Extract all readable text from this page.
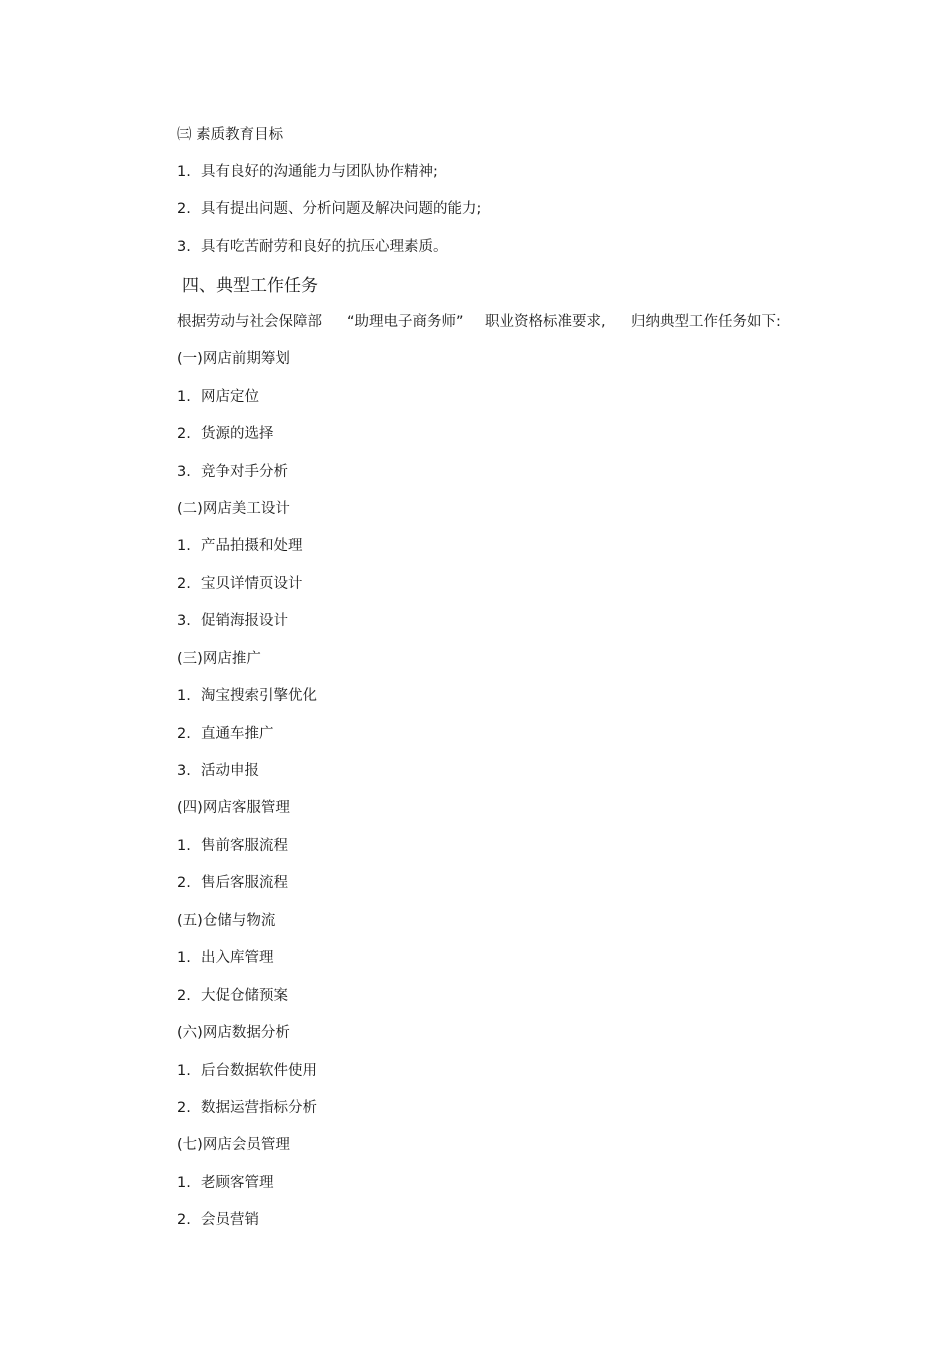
㈢ 素质教育目标
1. 具有良好的沟通能力与团队协作精神;
2. 具有提出问题、分析问题及解决问题的能力;
3. 具有吃苦耐劳和良好的抗压心理素质。
四、典型工作任务
根据劳动与社会保障部 “助理电子商务师” 职业资格标准要求, 归纳典型工作任务如下:
(一)网店前期筹划
1. 网店定位
2. 货源的选择
3. 竞争对手分析
(二)网店美工设计
1. 产品拍摄和处理
2. 宝贝详情页设计
3. 促销海报设计
(三)网店推广
1. 淘宝搜索引擎优化
2. 直通车推广
3. 活动申报
(四)网店客服管理
1. 售前客服流程
2. 售后客服流程
(五)仓储与物流
1. 出入库管理
2. 大促仓储预案
(六)网店数据分析
1. 后台数据软件使用
2. 数据运营指标分析
(七)网店会员管理
1. 老顾客管理
2. 会员营销
